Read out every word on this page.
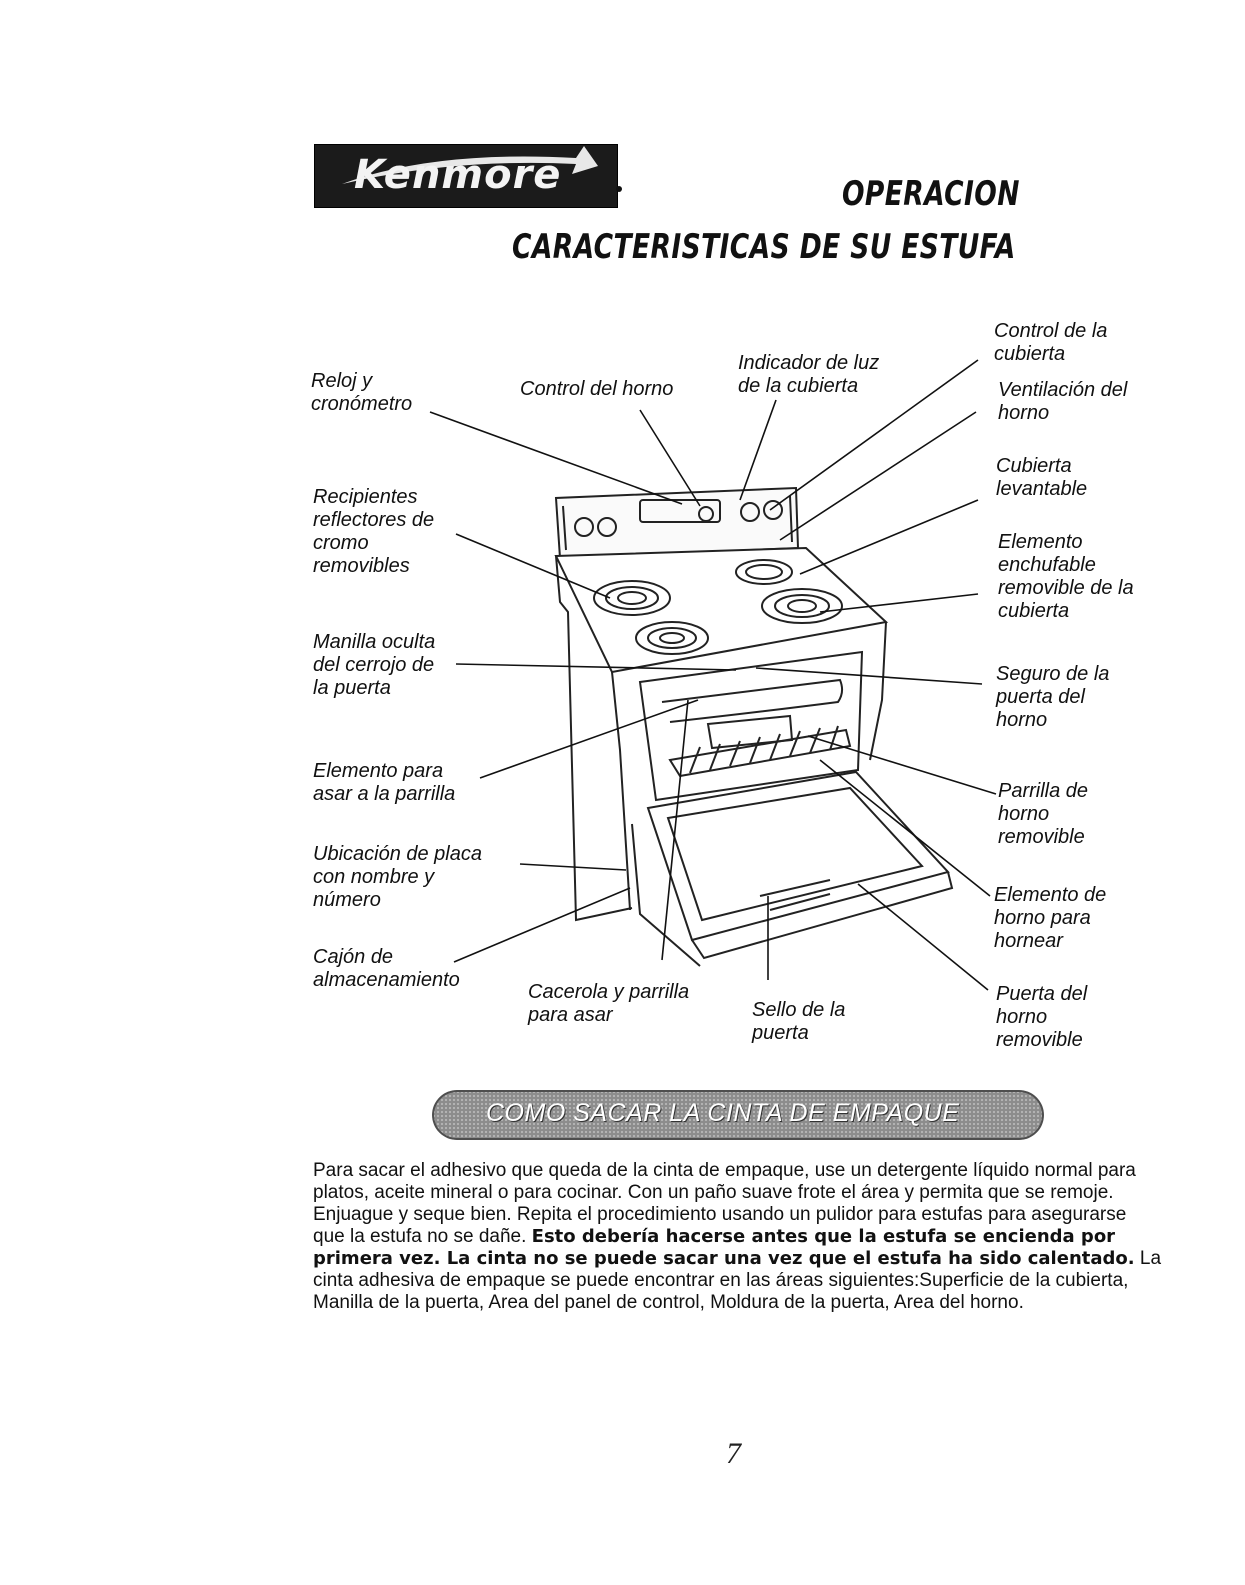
Kenmore	OPERACION
CARACTERISTICAS DE SU ESTUFA
Reloj y
cronómetro
Control del horno
Indicador de luz
de la cubierta
Control de la
cubierta
Ventilación del
horno
Cubierta
levantable
Elemento
enchufable
removible de la
cubierta
Recipientes
reflectores de
cromo
removibles
Manilla oculta
del cerrojo de
la puerta
Seguro de la
puerta del
horno
Elemento para
asar a la parrilla	Parrilla de
horno
removible
Ubicación de placa
con nombre y
número	Elemento de
horno para
hornear
Cajón de
almacenamiento
Cacerola y parrilla
para asar	Sello de la
puerta
Puerta del
horno
removible
COMO SACAR LA CINTA DE EMPAQUE
Para sacar el adhesivo que queda de la cinta de empaque, use un detergente líquido normal para platos, aceite mineral o para cocinar. Con un paño suave frote el área y permita que se remoje. Enjuague y seque bien. Repita el procedimiento usando un pulidor para estufas para asegurarse que la estufa no se dañe. Esto debería hacerse antes que la estufa se encienda por primera vez. La cinta no se puede sacar una vez que el estufa ha sido calentado. La cinta adhesiva de empaque se puede encontrar en las áreas siguientes:Superficie de la cubierta, Manilla de la puerta, Area del panel de control, Moldura de la puerta, Area del horno.
7
